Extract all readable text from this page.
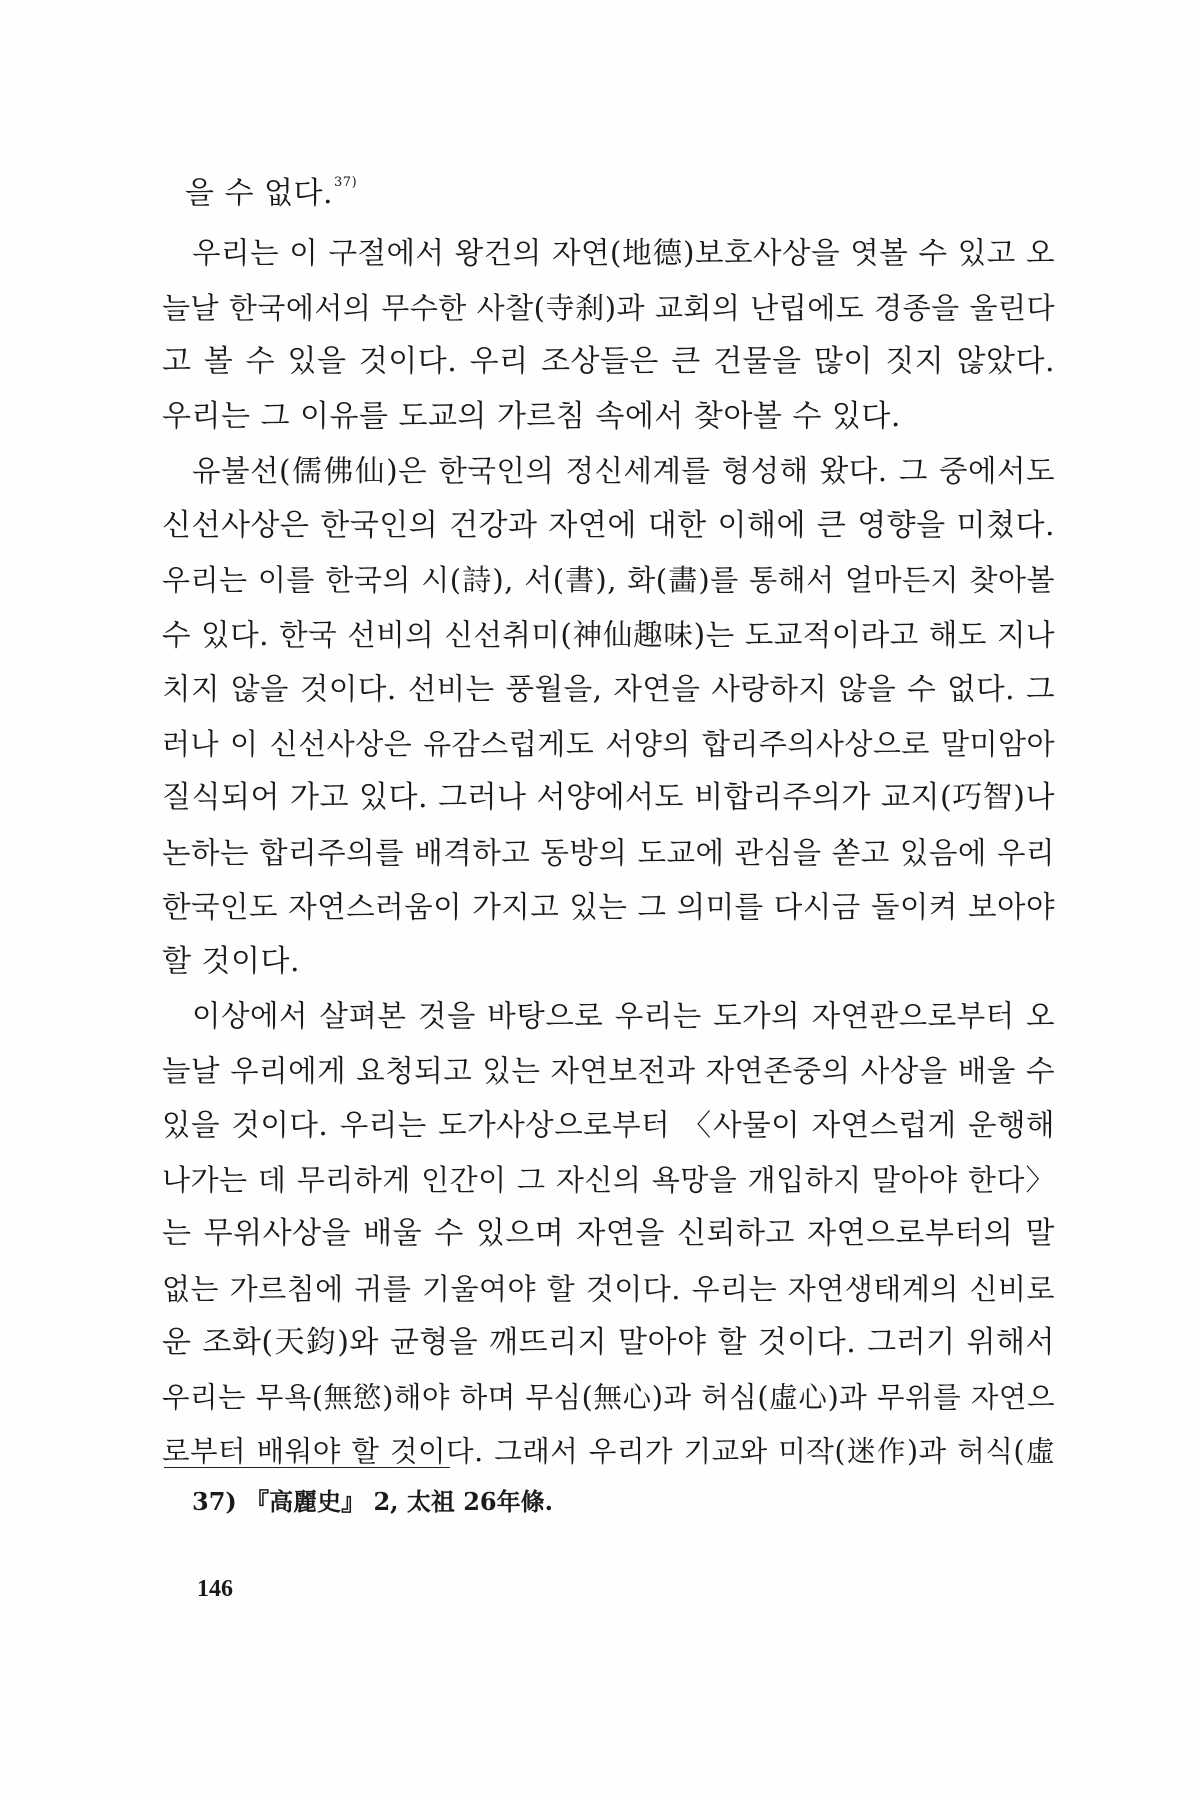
을 수 없다.$^{37)}$
우리는 이 구절에서 왕건의 자연(地德)보호사상을 엿볼 수 있고 오
늘날 한국에서의 무수한 사찰(寺刹)과 교회의 난립에도 경종을 울린다
고 볼 수 있을 것이다. 우리 조상들은 큰 건물을 많이 짓지 않았다.
우리는 그 이유를 도교의 가르침 속에서 찾아볼 수 있다.
유불선(儒佛仙)은 한국인의 정신세계를 형성해 왔다. 그 중에서도
신선사상은 한국인의 건강과 자연에 대한 이해에 큰 영향을 미쳤다.
우리는 이를 한국의 시(詩), 서(書), 화(畵)를 통해서 얼마든지 찾아볼
수 있다. 한국 선비의 신선취미(神仙趣味)는 도교적이라고 해도 지나
치지 않을 것이다. 선비는 풍월을, 자연을 사랑하지 않을 수 없다. 그
러나 이 신선사상은 유감스럽게도 서양의 합리주의사상으로 말미암아
질식되어 가고 있다. 그러나 서양에서도 비합리주의가 교지(巧智)나
논하는 합리주의를 배격하고 동방의 도교에 관심을 쏟고 있음에 우리
한국인도 자연스러움이 가지고 있는 그 의미를 다시금 돌이켜 보아야
할 것이다.
이상에서 살펴본 것을 바탕으로 우리는 도가의 자연관으로부터 오
늘날 우리에게 요청되고 있는 자연보전과 자연존중의 사상을 배울 수
있을 것이다. 우리는 도가사상으로부터 〈사물이 자연스럽게 운행해
나가는 데 무리하게 인간이 그 자신의 욕망을 개입하지 말아야 한다〉
는 무위사상을 배울 수 있으며 자연을 신뢰하고 자연으로부터의 말
없는 가르침에 귀를 기울여야 할 것이다. 우리는 자연생태계의 신비로
운 조화(天鈞)와 균형을 깨뜨리지 말아야 할 것이다. 그러기 위해서
우리는 무욕(無慾)해야 하며 무심(無心)과 허심(虛心)과 무위를 자연으
로부터 배워야 할 것이다. 그래서 우리가 기교와 미작(迷作)과 허식(虛
37) 『高麗史』 2, 太祖 26年條.
146
